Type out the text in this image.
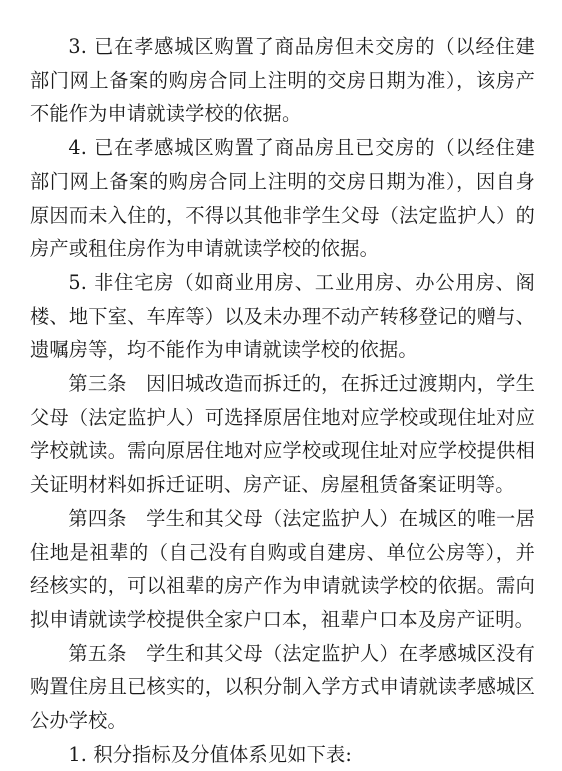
3. 已在孝感城区购置了商品房但未交房的（以经住建部门网上备案的购房合同上注明的交房日期为准），该房产不能作为申请就读学校的依据。

4. 已在孝感城区购置了商品房且已交房的（以经住建部门网上备案的购房合同上注明的交房日期为准），因自身原因而未入住的，不得以其他非学生父母（法定监护人）的房产或租住房作为申请就读学校的依据。

5. 非住宅房（如商业用房、工业用房、办公用房、阁楼、地下室、车库等）以及未办理不动产转移登记的赠与、遗嘱房等，均不能作为申请就读学校的依据。

第三条　因旧城改造而拆迁的，在拆迁过渡期内，学生父母（法定监护人）可选择原居住地对应学校或现住址对应学校就读。需向原居住地对应学校或现住址对应学校提供相关证明材料如拆迁证明、房产证、房屋租赁备案证明等。

第四条　学生和其父母（法定监护人）在城区的唯一居住地是祖辈的（自己没有自购或自建房、单位公房等），并经核实的，可以祖辈的房产作为申请就读学校的依据。需向拟申请就读学校提供全家户口本，祖辈户口本及房产证明。

第五条　学生和其父母（法定监护人）在孝感城区没有购置住房且已核实的，以积分制入学方式申请就读孝感城区公办学校。

1. 积分指标及分值体系见如下表:
